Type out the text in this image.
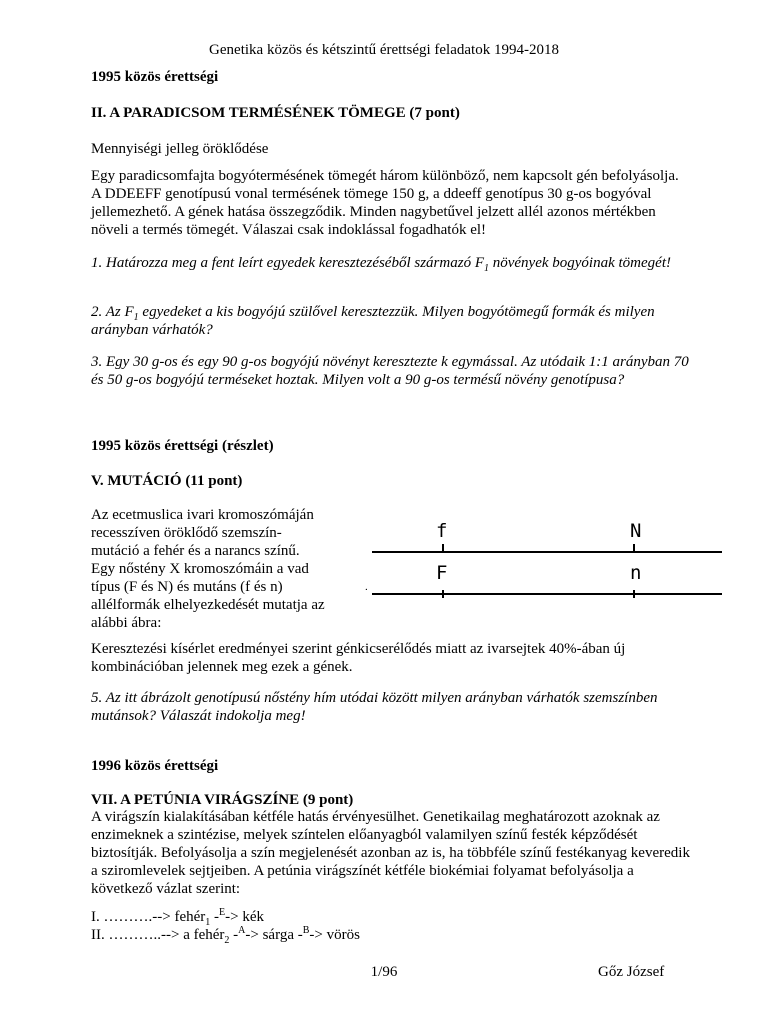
Genetika közös és kétszintű érettségi feladatok 1994-2018

1995 közös érettségi

II. A PARADICSOM TERMÉSÉNEK TÖMEGE (7 pont)

Mennyiségi jelleg öröklődése

Egy paradicsomfajta bogyótermésének tömegét három különböző, nem kapcsolt gén befolyásolja. A DDEEFF genotípusú vonal termésének tömege 150 g, a ddeeff genotípus 30 g-os bogyóval jellemezhető. A gének hatása összegződik. Minden nagybetűvel jelzett allél azonos mértékben növeli a termés tömegét. Válaszai csak indoklással fogadhatók el!

1. Határozza meg a fent leírt egyedek keresztezéséből származó $F_1$ növények bogyóinak tömegét!

2. Az $F_1$ egyedeket a kis bogyójú szülővel keresztezzük. Milyen bogyótömegű formák és milyen arányban várhatók?

3. Egy 30 g-os és egy 90 g-os bogyójú növényt keresztezte k egymással. Az utódaik 1:1 arányban 70 és 50 g-os bogyójú terméseket hoztak. Milyen volt a 90 g-os termésű növény genotípusa?

1995 közös érettségi (részlet)

V. MUTÁCIÓ (11 pont)

Az ecetmuslica ivari kromoszómáján
recesszíven öröklődő szemszín-
mutáció a fehér és a narancs színű.
Egy nőstény X kromoszómáin a vad
típus (F és N) és mutáns (f és n)
allélformák elhelyezkedését mutatja az
alábbi ábra:

Keresztezési kísérlet eredményei szerint génkicserélődés miatt az ivarsejtek 40%-ában új kombinációban jelennek meg ezek a gének.

5. Az itt ábrázolt genotípusú nőstény hím utódai között milyen arányban várhatók szemszínben mutánsok? Válaszát indokolja meg!

1996 közös érettségi

VII. A PETÚNIA VIRÁGSZÍNE (9 pont)

A virágszín kialakításában kétféle hatás érvényesülhet. Genetikailag meghatározott azoknak az enzimeknek a szintézise, melyek színtelen előanyagból valamilyen színű festék képződését biztosítják. Befolyásolja a szín megjelenését azonban az is, ha többféle színű festékanyag keveredik a sziromlevelek sejtjeiben. A petúnia virágszínét kétféle biokémiai folyamat befolyásolja a következő vázlat szerint:

I. ……….--> fehér$_1$ -$^E$-> kék

II. ………..--> a fehér$_2$ -$^A$-> sárga -$^B$-> vörös

.
f	N
F	n
1/96	Gőz József
